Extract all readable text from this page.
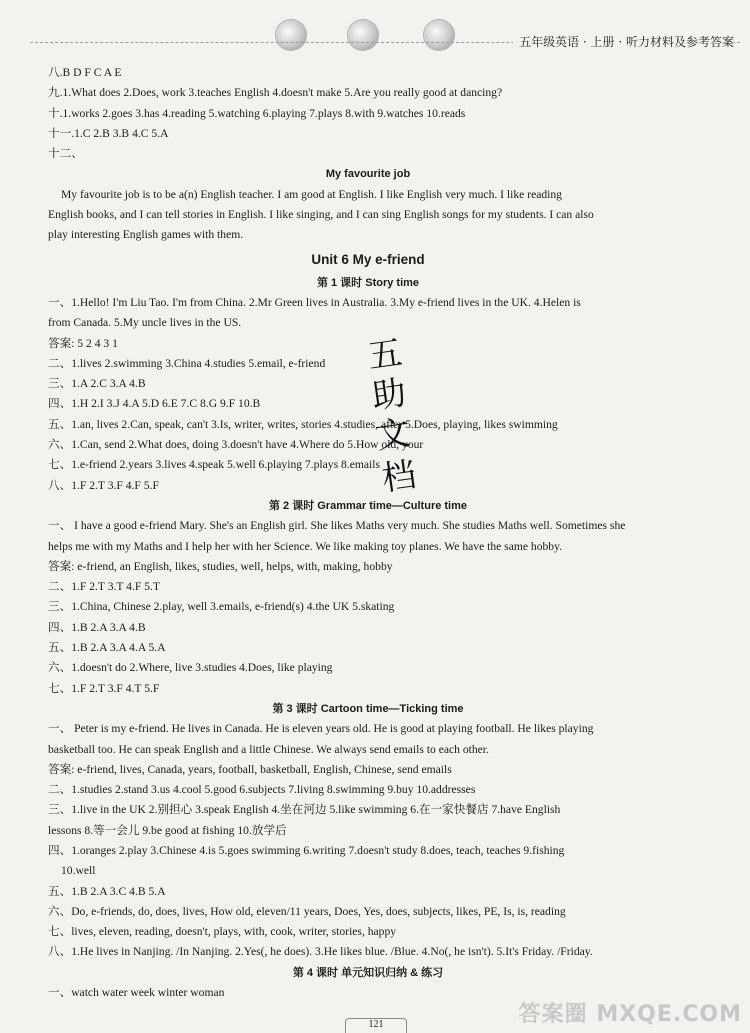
五年级英语 · 上册 · 听力材料及参考答案
八.B D F C A E
九.1.What does 2.Does, work 3.teaches English 4.doesn't make 5.Are you really good at dancing?
十.1.works 2.goes 3.has 4.reading 5.watching 6.playing 7.plays 8.with 9.watches 10.reads
十一.1.C 2.B 3.B 4.C 5.A
十二、
My favourite job
My favourite job is to be a(n) English teacher. I am good at English. I like English very much. I like reading
English books, and I can tell stories in English. I like singing, and I can sing English songs for my students. I can also
play interesting English games with them.
Unit 6 My e-friend
第 1 课时 Story time
一、1.Hello! I'm Liu Tao. I'm from China. 2.Mr Green lives in Australia. 3.My e-friend lives in the UK. 4.Helen is
from Canada. 5.My uncle lives in the US.
答案: 5 2 4 3 1
二、1.lives 2.swimming 3.China 4.studies 5.email, e-friend
三、1.A 2.C 3.A 4.B
四、1.H 2.I 3.J 4.A 5.D 6.E 7.C 8.G 9.F 10.B
五、1.an, lives 2.Can, speak, can't 3.Is, writer, writes, stories 4.studies, after 5.Does, playing, likes swimming
六、1.Can, send 2.What does, doing 3.doesn't have 4.Where do 5.How old, your
七、1.e-friend 2.years 3.lives 4.speak 5.well 6.playing 7.plays 8.emails
八、1.F 2.T 3.F 4.F 5.F
第 2 课时 Grammar time—Culture time
一、 I have a good e-friend Mary. She's an English girl. She likes Maths very much. She studies Maths well. Sometimes she
helps me with my Maths and I help her with her Science. We like making toy planes. We have the same hobby.
答案: e-friend, an English, likes, studies, well, helps, with, making, hobby
二、1.F 2.T 3.T 4.F 5.T
三、1.China, Chinese 2.play, well 3.emails, e-friend(s) 4.the UK 5.skating
四、1.B 2.A 3.A 4.B
五、1.B 2.A 3.A 4.A 5.A
六、1.doesn't do 2.Where, live 3.studies 4.Does, like playing
七、1.F 2.T 3.F 4.T 5.F
第 3 课时 Cartoon time—Ticking time
一、 Peter is my e-friend. He lives in Canada. He is eleven years old. He is good at playing football. He likes playing
basketball too. He can speak English and a little Chinese. We always send emails to each other.
答案: e-friend, lives, Canada, years, football, basketball, English, Chinese, send emails
二、1.studies 2.stand 3.us 4.cool 5.good 6.subjects 7.living 8.swimming 9.buy 10.addresses
三、1.live in the UK 2.别担心 3.speak English 4.坐在河边 5.like swimming 6.在一家快餐店 7.have English
lessons 8.等一会儿 9.be good at fishing 10.放学后
四、1.oranges 2.play 3.Chinese 4.is 5.goes swimming 6.writing 7.doesn't study 8.does, teach, teaches 9.fishing
10.well
五、1.B 2.A 3.C 4.B 5.A
六、Do, e-friends, do, does, lives, How old, eleven/11 years, Does, Yes, does, subjects, likes, PE, Is, is, reading
七、lives, eleven, reading, doesn't, plays, with, cook, writer, stories, happy
八、1.He lives in Nanjing. /In Nanjing. 2.Yes(, he does). 3.He likes blue. /Blue. 4.No(, he isn't). 5.It's Friday. /Friday.
第 4 课时 单元知识归纳 & 练习
一、watch water week winter woman
五
助
文
档
121	答案圈 MXQE.COM
